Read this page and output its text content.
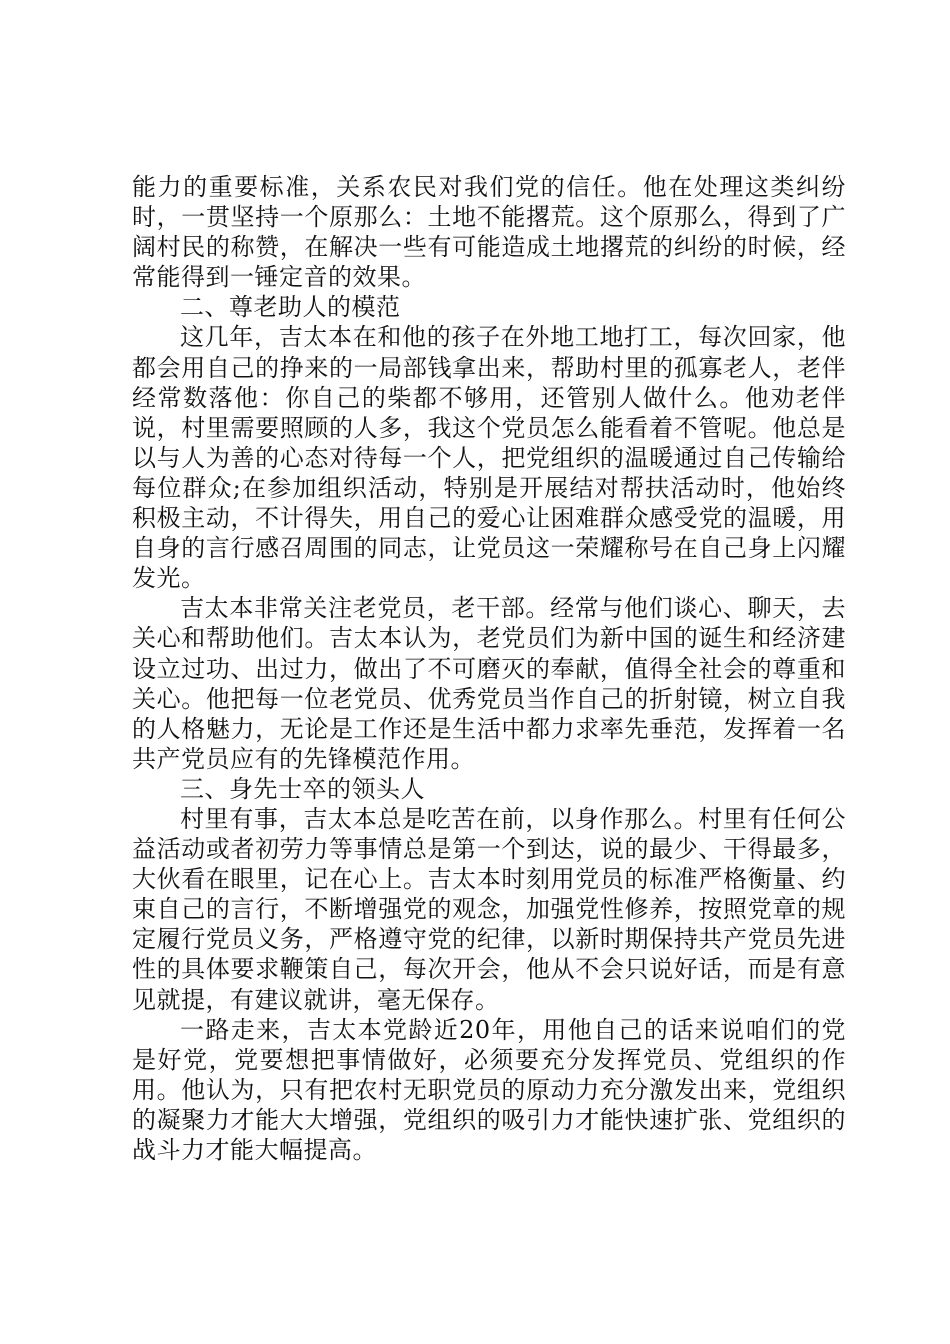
能力的重要标准，关系农民对我们党的信任。他在处理这类纠纷时，一贯坚持一个原那么：土地不能撂荒。这个原那么，得到了广阔村民的称赞，在解决一些有可能造成土地撂荒的纠纷的时候，经常能得到一锤定音的效果。

二、尊老助人的模范

这几年，吉太本在和他的孩子在外地工地打工，每次回家，他都会用自己的挣来的一局部钱拿出来，帮助村里的孤寡老人，老伴经常数落他：你自己的柴都不够用，还管别人做什么。他劝老伴说，村里需要照顾的人多，我这个党员怎么能看着不管呢。他总是以与人为善的心态对待每一个人，把党组织的温暖通过自己传输给每位群众;在参加组织活动，特别是开展结对帮扶活动时，他始终积极主动，不计得失，用自己的爱心让困难群众感受党的温暖，用自身的言行感召周围的同志，让党员这一荣耀称号在自己身上闪耀发光。

吉太本非常关注老党员，老干部。经常与他们谈心、聊天，去关心和帮助他们。吉太本认为，老党员们为新中国的诞生和经济建设立过功、出过力，做出了不可磨灭的奉献，值得全社会的尊重和关心。他把每一位老党员、优秀党员当作自己的折射镜，树立自我的人格魅力，无论是工作还是生活中都力求率先垂范，发挥着一名共产党员应有的先锋模范作用。

三、身先士卒的领头人

村里有事，吉太本总是吃苦在前，以身作那么。村里有任何公益活动或者初劳力等事情总是第一个到达，说的最少、干得最多，大伙看在眼里，记在心上。吉太本时刻用党员的标准严格衡量、约束自己的言行，不断增强党的观念，加强党性修养，按照党章的规定履行党员义务，严格遵守党的纪律，以新时期保持共产党员先进性的具体要求鞭策自己，每次开会，他从不会只说好话，而是有意见就提，有建议就讲，毫无保存。

一路走来，吉太本党龄近20年，用他自己的话来说咱们的党是好党，党要想把事情做好，必须要充分发挥党员、党组织的作用。他认为，只有把农村无职党员的原动力充分激发出来，党组织的凝聚力才能大大增强，党组织的吸引力才能快速扩张、党组织的战斗力才能大幅提高。
